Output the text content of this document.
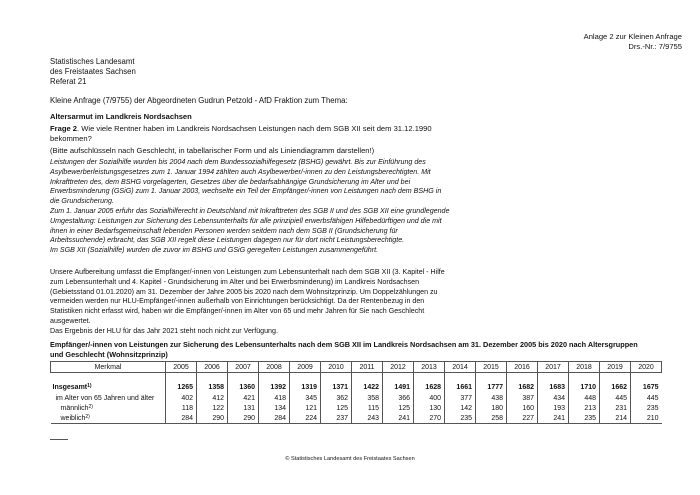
Anlage 2 zur Kleinen Anfrage
Drs.-Nr.: 7/9755
Statistisches Landesamt
des Freistaates Sachsen
Referat 21
Kleine Anfrage (7/9755) der Abgeordneten Gudrun Petzold - AfD Fraktion zum Thema:
Altersarmut im Landkreis Nordsachsen
Frage 2. Wie viele Rentner haben im Landkreis Nordsachsen Leistungen nach dem SGB XII seit dem 31.12.1990 bekommen?
(Bitte aufschlüsseln nach Geschlecht, in tabellarischer Form und als Liniendiagramm darstellen!)

Leistungen der Sozialhilfe wurden bis 2004 nach dem Bundessozialhilfegesetz (BSHG) gewährt. Bis zur Einführung des Asylbewerberleistungsgesetzes zum 1. Januar 1994 zählten auch Asylbewerber/-innen zu den Leistungsberechtigten. Mit Inkrafttreten des, dem BSHG vorgelagerten, Gesetzes über die bedarfsabhängige Grundsicherung im Alter und bei Erwerbsminderung (GSiG) zum 1. Januar 2003, wechselte ein Teil der Empfänger/-innen von Leistungen nach dem BSHG in die Grundsicherung.

Zum 1. Januar 2005 erfuhr das Sozialhilferecht in Deutschland mit Inkrafttreten des SGB II und des SGB XII eine grundlegende Umgestaltung: Leistungen zur Sicherung des Lebensunterhalts für alle prinzipiell erwerbsfähigen Hilfebedürftigen und die mit ihnen in einer Bedarfsgemeinschaft lebenden Personen werden seitdem nach dem SGB II (Grundsicherung für Arbeitssuchende) erbracht, das SGB XII regelt diese Leistungen dagegen nur für dort nicht Leistungsberechtigte.

Im SGB XII (Sozialhilfe) wurden die zuvor im BSHG und GSiG geregelten Leistungen zusammengeführt.

Unsere Aufbereitung umfasst die Empfänger/-innen von Leistungen zum Lebensunterhalt nach dem SGB XII (3. Kapitel - Hilfe zum Lebensunterhalt und 4. Kapitel - Grundsicherung im Alter und bei Erwerbsminderung) im Landkreis Nordsachsen (Gebietsstand 01.01.2020) am 31. Dezember der Jahre 2005 bis 2020 nach dem Wohnsitzprinzip. Um Doppelzählungen zu vermeiden werden nur HLU-Empfänger/-innen außerhalb von Einrichtungen berücksichtigt. Da der Rentenbezug in den Statistiken nicht erfasst wird, haben wir die Empfänger/-innen im Alter von 65 und mehr Jahren für Sie nach Geschlecht ausgewertet.
Das Ergebnis der HLU für das Jahr 2021 steht noch nicht zur Verfügung.
Empfänger/-innen von Leistungen zur Sicherung des Lebensunterhalts nach dem SGB XII im Landkreis Nordsachsen am 31. Dezember 2005 bis 2020 nach Altersgruppen und Geschlecht (Wohnsitzprinzip)
Merkmal	2005	2006	2007	2008	2009	2010	2011	2012	2013	2014	2015	2016	2017	2018	2019	2020

Insgesamt$^{1)}$	1265	1358	1360	1392	1319	1371	1422	1491	1628	1661	1777	1682	1683	1710	1662	1675
im Alter von 65 Jahren und älter	402	412	421	418	345	362	358	366	400	377	438	387	434	448	445	445
männlich$^{2)}$	118	122	131	134	121	125	115	125	130	142	180	160	193	213	231	235
weiblich$^{2)}$	284	290	290	284	224	237	243	241	270	235	258	227	241	235	214	210
© Statistisches Landesamt des Freistaates Sachsen
